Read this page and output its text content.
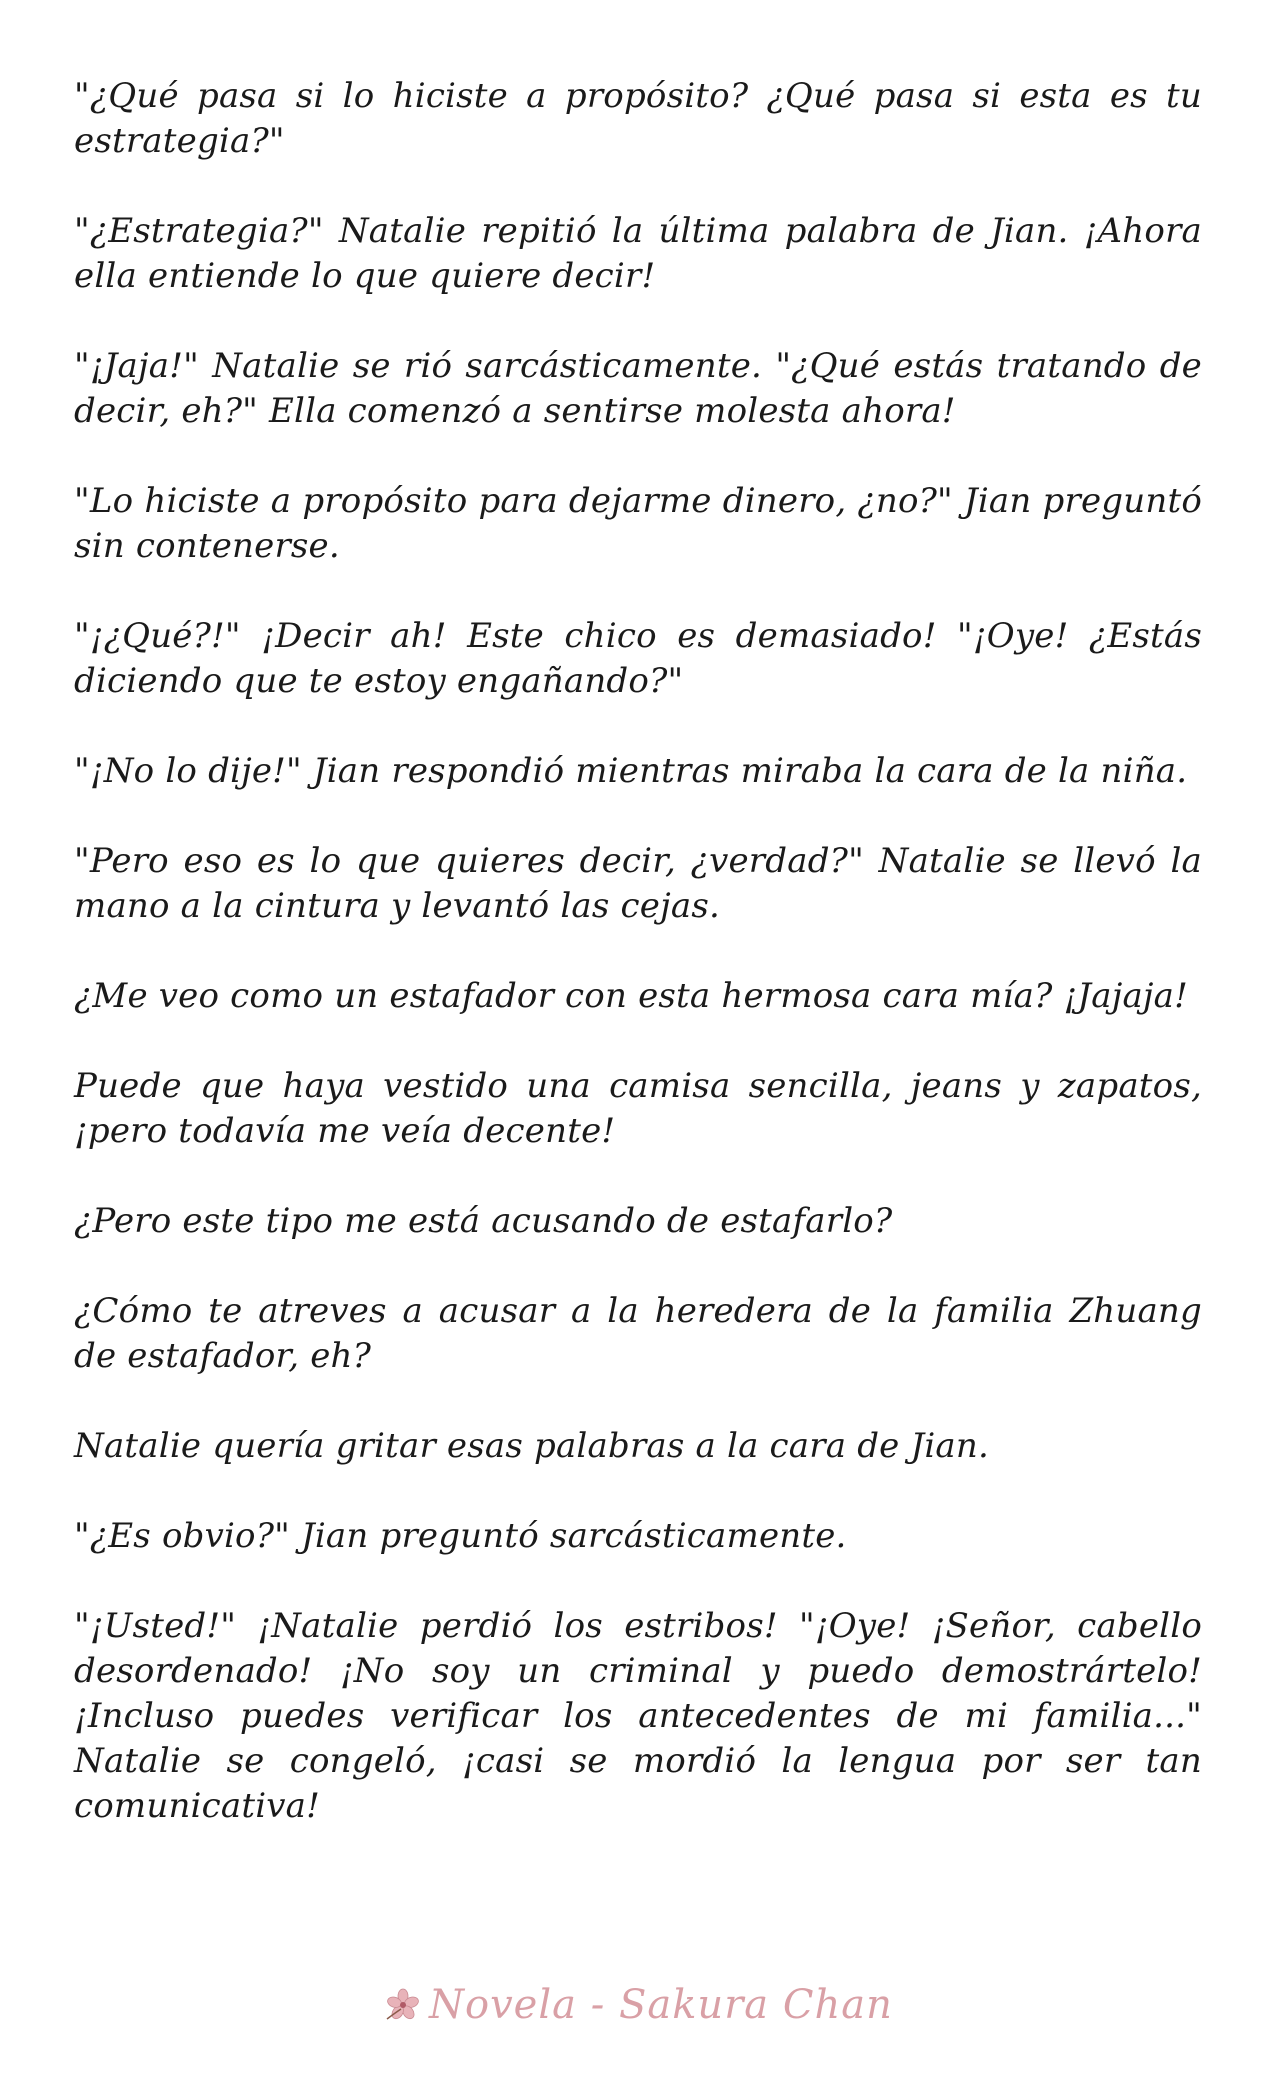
"¿Qué pasa si lo hiciste a propósito? ¿Qué pasa si esta es tu estrategia?"

"¿Estrategia?" Natalie repitió la última palabra de Jian. ¡Ahora ella entiende lo que quiere decir!

"¡Jaja!" Natalie se rió sarcásticamente. "¿Qué estás tratando de decir, eh?" Ella comenzó a sentirse molesta ahora!

"Lo hiciste a propósito para dejarme dinero, ¿no?" Jian preguntó sin contenerse.

"¡¿Qué?!" ¡Decir ah! Este chico es demasiado! "¡Oye! ¿Estás diciendo que te estoy engañando?"

"¡No lo dije!" Jian respondió mientras miraba la cara de la niña.

"Pero eso es lo que quieres decir, ¿verdad?" Natalie se llevó la mano a la cintura y levantó las cejas.

¿Me veo como un estafador con esta hermosa cara mía? ¡Jajaja!

Puede que haya vestido una camisa sencilla, jeans y zapatos, ¡pero todavía me veía decente!

¿Pero este tipo me está acusando de estafarlo?

¿Cómo te atreves a acusar a la heredera de la familia Zhuang de estafador, eh?

Natalie quería gritar esas palabras a la cara de Jian.

"¿Es obvio?" Jian preguntó sarcásticamente.

"¡Usted!" ¡Natalie perdió los estribos! "¡Oye! ¡Señor, cabello desordenado! ¡No soy un criminal y puedo demostrártelo! ¡Incluso puedes verificar los antecedentes de mi familia..." Natalie se congeló, ¡casi se mordió la lengua por ser tan comunicativa!

Novela - Sakura Chan
